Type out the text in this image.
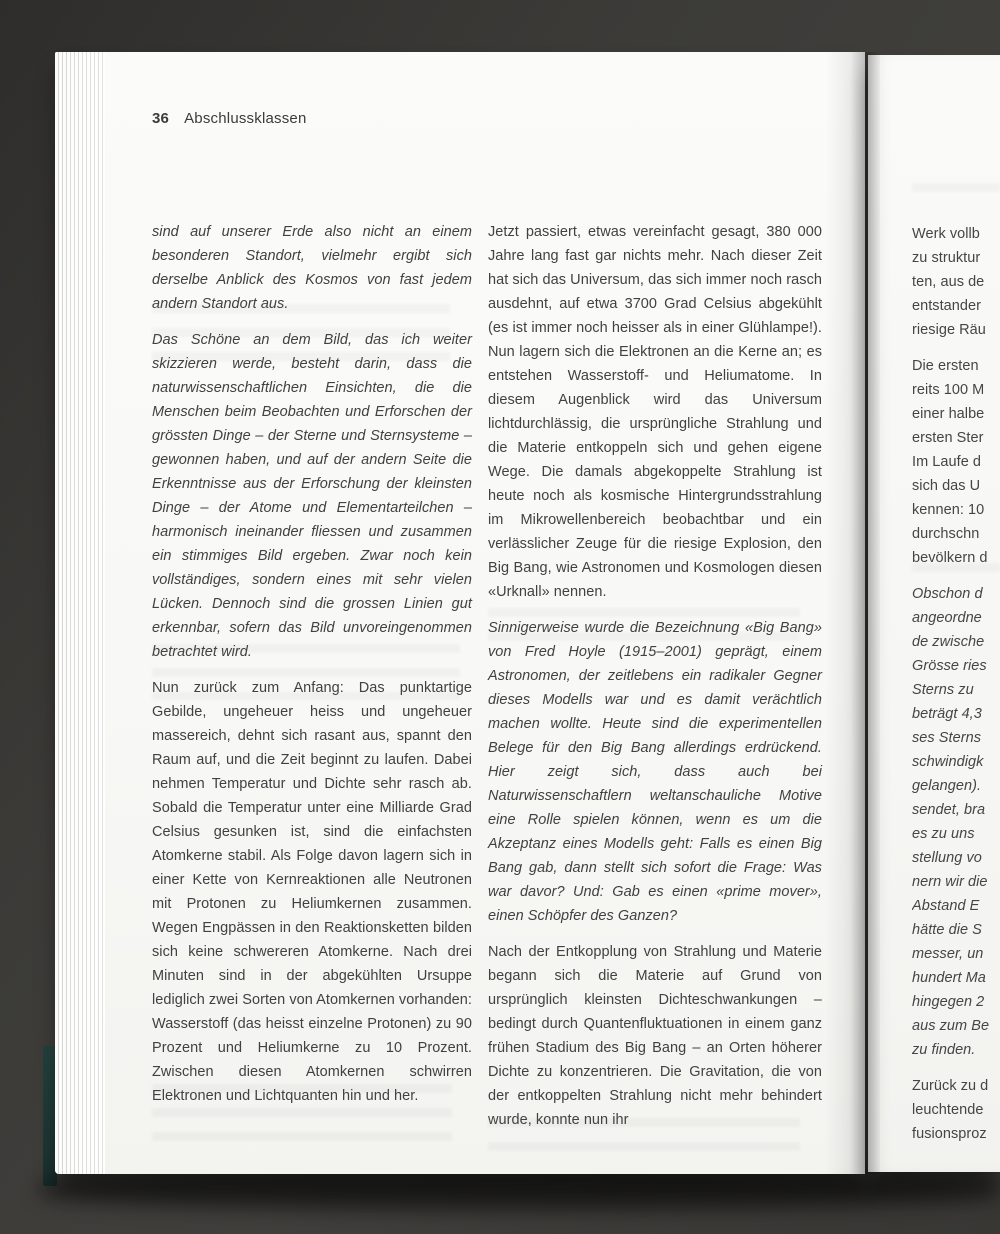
36 Abschlussklassen

sind auf unserer Erde also nicht an einem besonderen Standort, vielmehr ergibt sich derselbe Anblick des Kosmos von fast jedem andern Standort aus.

Das Schöne an dem Bild, das ich weiter skizzieren werde, besteht darin, dass die naturwissenschaftlichen Einsichten, die die Menschen beim Beobachten und Erforschen der grössten Dinge – der Sterne und Sternsysteme – gewonnen haben, und auf der andern Seite die Erkenntnisse aus der Erforschung der kleinsten Dinge – der Atome und Elementarteilchen – harmonisch ineinander fliessen und zusammen ein stimmiges Bild ergeben. Zwar noch kein vollständiges, sondern eines mit sehr vielen Lücken. Dennoch sind die grossen Linien gut erkennbar, sofern das Bild unvoreingenommen betrachtet wird.

Nun zurück zum Anfang: Das punktartige Gebilde, ungeheuer heiss und ungeheuer massereich, dehnt sich rasant aus, spannt den Raum auf, und die Zeit beginnt zu laufen. Dabei nehmen Temperatur und Dichte sehr rasch ab. Sobald die Temperatur unter eine Milliarde Grad Celsius gesunken ist, sind die einfachsten Atomkerne stabil. Als Folge davon lagern sich in einer Kette von Kernreaktionen alle Neutronen mit Protonen zu Heliumkernen zusammen. Wegen Engpässen in den Reaktionsketten bilden sich keine schwereren Atomkerne. Nach drei Minuten sind in der abgekühlten Ursuppe lediglich zwei Sorten von Atomkernen vorhanden: Wasserstoff (das heisst einzelne Protonen) zu 90 Prozent und Heliumkerne zu 10 Prozent. Zwischen diesen Atomkernen schwirren Elektronen und Lichtquanten hin und her.

Jetzt passiert, etwas vereinfacht gesagt, 380 000 Jahre lang fast gar nichts mehr. Nach dieser Zeit hat sich das Universum, das sich immer noch rasch ausdehnt, auf etwa 3700 Grad Celsius abgekühlt (es ist immer noch heisser als in einer Glühlampe!). Nun lagern sich die Elektronen an die Kerne an; es entstehen Wasserstoff- und Heliumatome. In diesem Augenblick wird das Universum lichtdurchlässig, die ursprüngliche Strahlung und die Materie entkoppeln sich und gehen eigene Wege. Die damals abgekoppelte Strahlung ist heute noch als kosmische Hintergrundsstrahlung im Mikrowellenbereich beobachtbar und ein verlässlicher Zeuge für die riesige Explosion, den Big Bang, wie Astronomen und Kosmologen diesen «Urknall» nennen.

Sinnigerweise wurde die Bezeichnung «Big Bang» von Fred Hoyle (1915–2001) geprägt, einem Astronomen, der zeitlebens ein radikaler Gegner dieses Modells war und es damit verächtlich machen wollte. Heute sind die experimentellen Belege für den Big Bang allerdings erdrückend. Hier zeigt sich, dass auch bei Naturwissenschaftlern weltanschauliche Motive eine Rolle spielen können, wenn es um die Akzeptanz eines Modells geht: Falls es einen Big Bang gab, dann stellt sich sofort die Frage: Was war davor? Und: Gab es einen «prime mover», einen Schöpfer des Ganzen?

Nach der Entkopplung von Strahlung und Materie begann sich die Materie auf Grund von ursprünglich kleinsten Dichteschwankungen – bedingt durch Quantenfluktuationen in einem ganz frühen Stadium des Big Bang – an Orten höherer Dichte zu konzentrieren. Die Gravitation, die von der entkoppelten Strahlung nicht mehr behindert wurde, konnte nun ihr

Werk vollb
zu struktur
ten, aus de
entstander
riesige Räu
Die ersten
reits 100 M
einer halbe
ersten Ster
Im Laufe d
sich das U
kennen: 10
durchschn
bevölkern d
Obschon d
angeordne
de zwische
Grösse ries
Sterns zu
beträgt 4,3
ses Sterns
schwindigk
gelangen).
sendet, bra
es zu uns
stellung vo
nern wir die
Abstand E
hätte die S
messer, un
hundert Ma
hingegen 2
aus zum Be
zu finden.
Zurück zu d
leuchtende
fusionsproz
